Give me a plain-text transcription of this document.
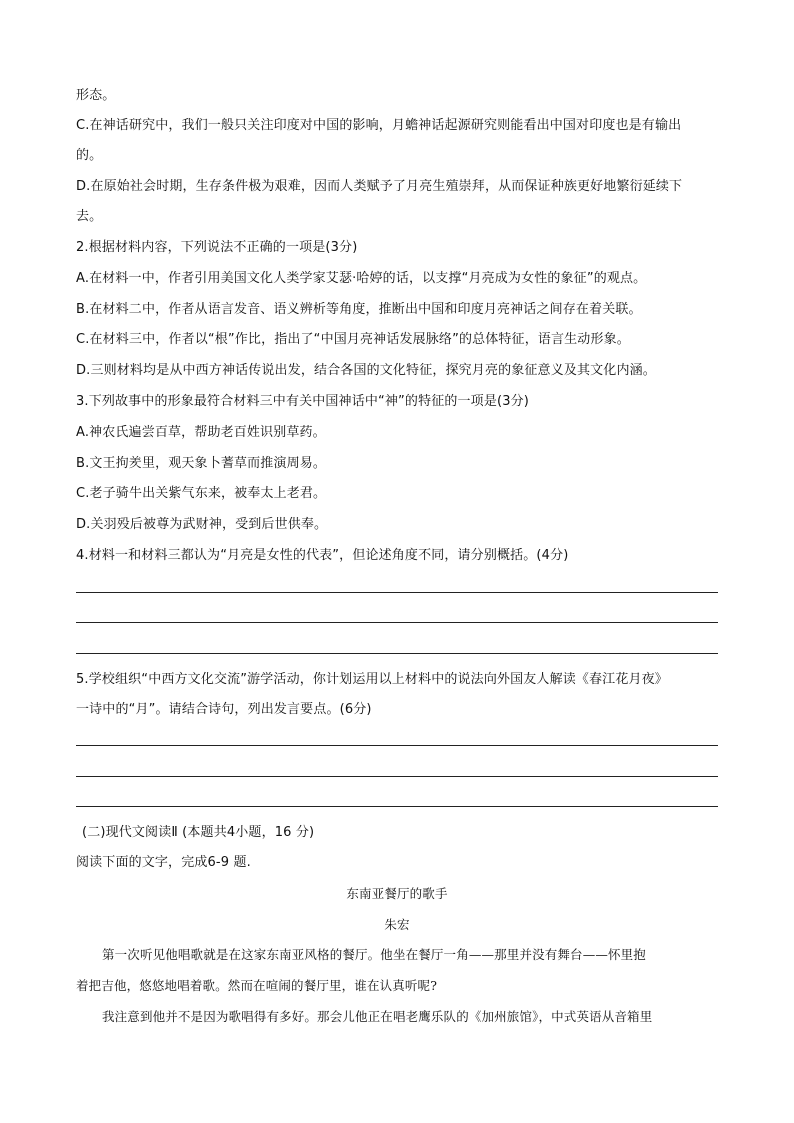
形态。
C.在神话研究中，我们一般只关注印度对中国的影响，月蟾神话起源研究则能看出中国对印度也是有输出
的。
D.在原始社会时期，生存条件极为艰难，因而人类赋予了月亮生殖崇拜，从而保证种族更好地繁衍延续下
去。
2.根据材料内容，下列说法不正确的一项是(3分)
A.在材料一中，作者引用美国文化人类学家艾瑟·哈婷的话，以支撑“月亮成为女性的象征”的观点。
B.在材料二中，作者从语言发音、语义辨析等角度，推断出中国和印度月亮神话之间存在着关联。
C.在材料三中，作者以“根”作比，指出了“中国月亮神话发展脉络”的总体特征，语言生动形象。
D.三则材料均是从中西方神话传说出发，结合各国的文化特征，探究月亮的象征意义及其文化内涵。
3.下列故事中的形象最符合材料三中有关中国神话中“神”的特征的一项是(3分)
A.神农氏遍尝百草，帮助老百姓识别草药。
B.文王拘羑里，观天象卜蓍草而推演周易。
C.老子骑牛出关紫气东来，被奉太上老君。
D.关羽殁后被尊为武财神，受到后世供奉。
4.材料一和材料三都认为“月亮是女性的代表”，但论述角度不同，请分别概括。(4分)
5.学校组织“中西方文化交流”游学活动，你计划运用以上材料中的说法向外国友人解读《春江花月夜》
一诗中的“月”。请结合诗句，列出发言要点。(6分)
(二)现代文阅读Ⅱ (本题共4小题，16 分)
阅读下面的文字，完成6-9 题.
东南亚餐厅的歌手
朱宏
第一次听见他唱歌就是在这家东南亚风格的餐厅。他坐在餐厅一角——那里并没有舞台——怀里抱
着把吉他，悠悠地唱着歌。然而在喧闹的餐厅里，谁在认真听呢?
我注意到他并不是因为歌唱得有多好。那会儿他正在唱老鹰乐队的《加州旅馆》，中式英语从音箱里
